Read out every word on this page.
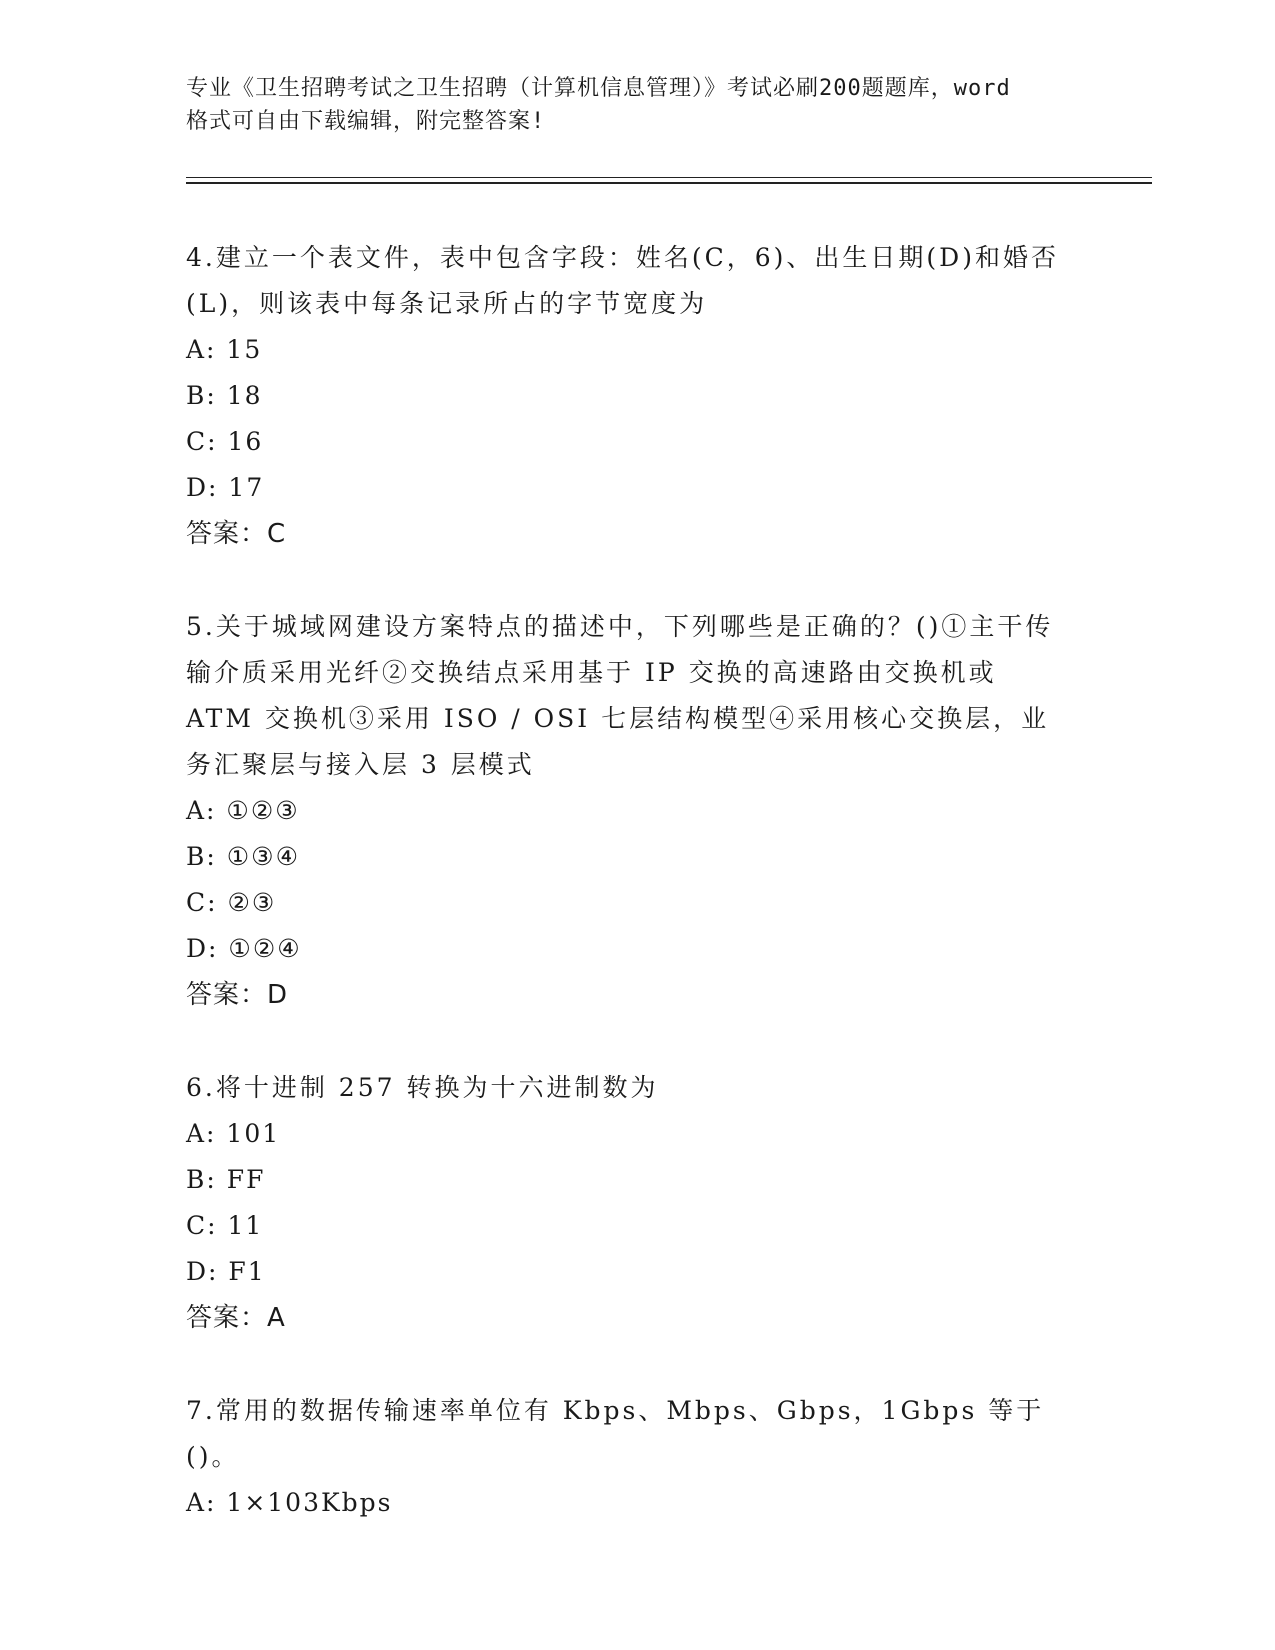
专业《卫生招聘考试之卫生招聘（计算机信息管理）》考试必刷200题题库，word
格式可自由下载编辑，附完整答案!
4.建立一个表文件，表中包含字段：姓名(C，6)、出生日期(D)和婚否(L)，则该表中每条记录所占的字节宽度为
A: 15
B: 18
C: 16
D: 17
答案：C
5.关于城域网建设方案特点的描述中，下列哪些是正确的？()①主干传输介质采用光纤②交换结点采用基于 IP 交换的高速路由交换机或 ATM 交换机③采用 ISO / OSI 七层结构模型④采用核心交换层，业务汇聚层与接入层 3 层模式
A: ①②③
B: ①③④
C: ②③
D: ①②④
答案：D
6.将十进制 257 转换为十六进制数为
A: 101
B: FF
C: 11
D: F1
答案：A
7.常用的数据传输速率单位有 Kbps、Mbps、Gbps，1Gbps 等于()。
A: 1×103Kbps
